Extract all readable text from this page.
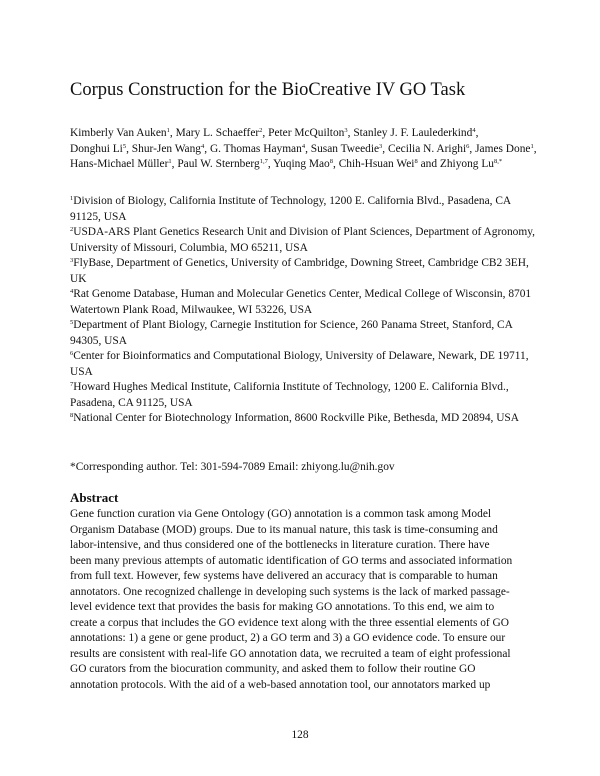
Corpus Construction for the BioCreative IV GO Task
Kimberly Van Auken$^1$, Mary L. Schaeffer$^2$, Peter McQuilton$^3$, Stanley J. F. Laulederkind$^4$, Donghui Li$^5$, Shur-Jen Wang$^4$, G. Thomas Hayman$^4$, Susan Tweedie$^3$, Cecilia N. Arighi$^6$, James Done$^1$, Hans-Michael Müller$^1$, Paul W. Sternberg$^{1,7}$, Yuqing Mao$^8$, Chih-Hsuan Wei$^8$ and Zhiyong $Lu^{8,*}$
$^1$Division of Biology, California Institute of Technology, 1200 E. California Blvd., Pasadena, CA 91125, USA
$^2$USDA-ARS Plant Genetics Research Unit and Division of Plant Sciences, Department of Agronomy, University of Missouri, Columbia, MO 65211, USA
$^3$FlyBase, Department of Genetics, University of Cambridge, Downing Street, Cambridge CB2 3EH, UK
$^4$Rat Genome Database, Human and Molecular Genetics Center, Medical College of Wisconsin, 8701 Watertown Plank Road, Milwaukee, WI 53226, USA
$^5$Department of Plant Biology, Carnegie Institution for Science, 260 Panama Street, Stanford, CA 94305, USA
$^6$Center for Bioinformatics and Computational Biology, University of Delaware, Newark, DE 19711, USA
$^7$Howard Hughes Medical Institute, California Institute of Technology, 1200 E. California Blvd., Pasadena, CA 91125, USA
$^8$National Center for Biotechnology Information, 8600 Rockville Pike, Bethesda, MD 20894, USA
*Corresponding author. Tel: 301-594-7089 Email: zhiyong.lu@nih.gov
Abstract
Gene function curation via Gene Ontology (GO) annotation is a common task among Model
Organism Database (MOD) groups. Due to its manual nature, this task is time-consuming and
labor-intensive, and thus considered one of the bottlenecks in literature curation. There have
been many previous attempts of automatic identification of GO terms and associated information
from full text. However, few systems have delivered an accuracy that is comparable to human
annotators. One recognized challenge in developing such systems is the lack of marked passage-
level evidence text that provides the basis for making GO annotations. To this end, we aim to
create a corpus that includes the GO evidence text along with the three essential elements of GO
annotations: 1) a gene or gene product, 2) a GO term and 3) a GO evidence code. To ensure our
results are consistent with real-life GO annotation data, we recruited a team of eight professional
GO curators from the biocuration community, and asked them to follow their routine GO
annotation protocols. With the aid of a web-based annotation tool, our annotators marked up
128
